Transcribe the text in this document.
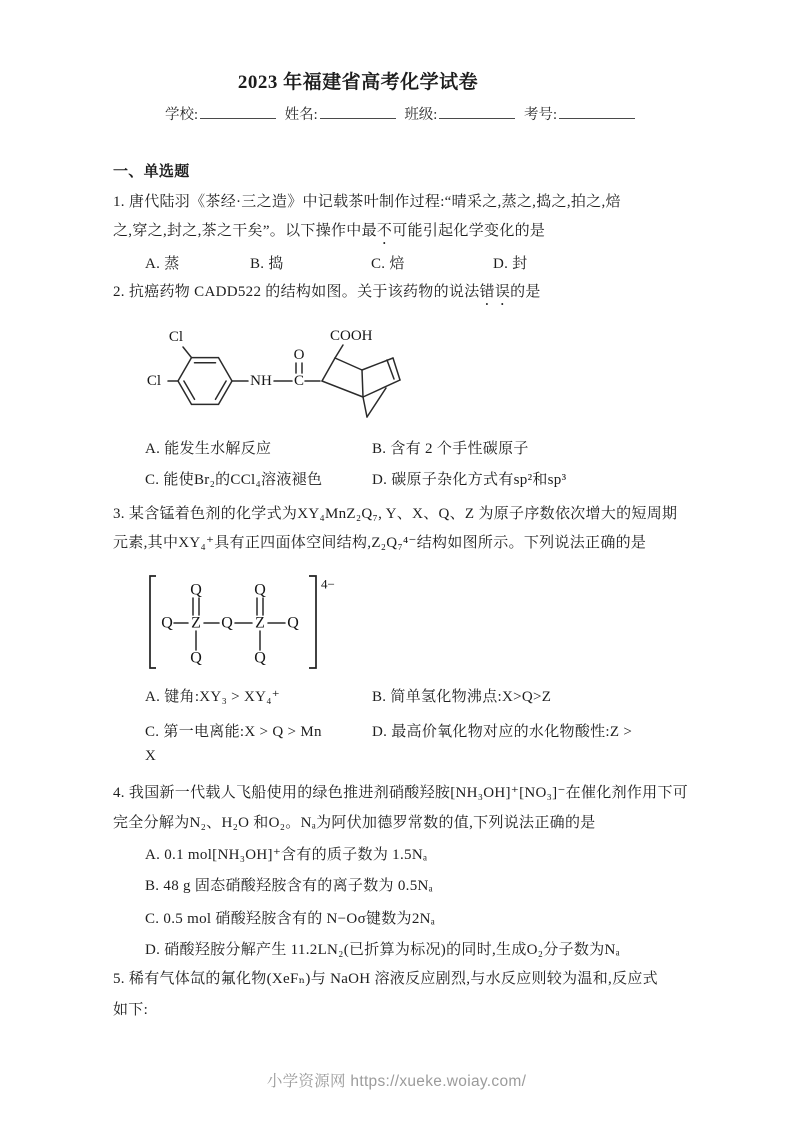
2023 年福建省高考化学试卷
学校:	姓名:	班级:	考号:
一、单选题
1. 唐代陆羽《茶经·三之造》中记载茶叶制作过程:“晴采之,蒸之,捣之,拍之,焙
之,穿之,封之,茶之干矣”。以下操作中最不可能引起化学变化的是
A. 蒸	B. 捣	C. 焙	D. 封
2. 抗癌药物 CADD522 的结构如图。关于该药物的说法错误的是
Cl
Cl	NH C
O
COOH
A. 能发生水解反应	B. 含有 2 个手性碳原子
C. 能使Br₂的CCl₄溶液褪色	D. 碳原子杂化方式有sp²和sp³
3. 某含锰着色剂的化学式为XY₄MnZ₂Q₇, Y、X、Q、Z 为原子序数依次增大的短周期
元素,其中XY₄⁺具有正四面体空间结构,Z₂Q₇⁴⁻结构如图所示。下列说法正确的是
4−
Q Z Q Z Q
Q	Q
Q	Q
A. 键角:XY₃ > XY₄⁺	B. 简单氢化物沸点:X>Q>Z
C. 第一电离能:X > Q > Mn	D. 最高价氧化物对应的水化物酸性:Z >
X
4. 我国新一代载人飞船使用的绿色推进剂硝酸羟胺[NH₃OH]⁺[NO₃]⁻在催化剂作用下可
完全分解为N₂、H₂O 和O₂。Nₐ为阿伏加德罗常数的值,下列说法正确的是
A. 0.1 mol[NH₃OH]⁺含有的质子数为 1.5Nₐ
B. 48 g 固态硝酸羟胺含有的离子数为 0.5Nₐ
C. 0.5 mol 硝酸羟胺含有的 N−Oσ键数为2Nₐ
D. 硝酸羟胺分解产生 11.2LN₂(已折算为标况)的同时,生成O₂分子数为Nₐ
5. 稀有气体氙的氟化物(XeFₙ)与 NaOH 溶液反应剧烈,与水反应则较为温和,反应式
如下:
小学资源网 https://xueke.woiay.com/
